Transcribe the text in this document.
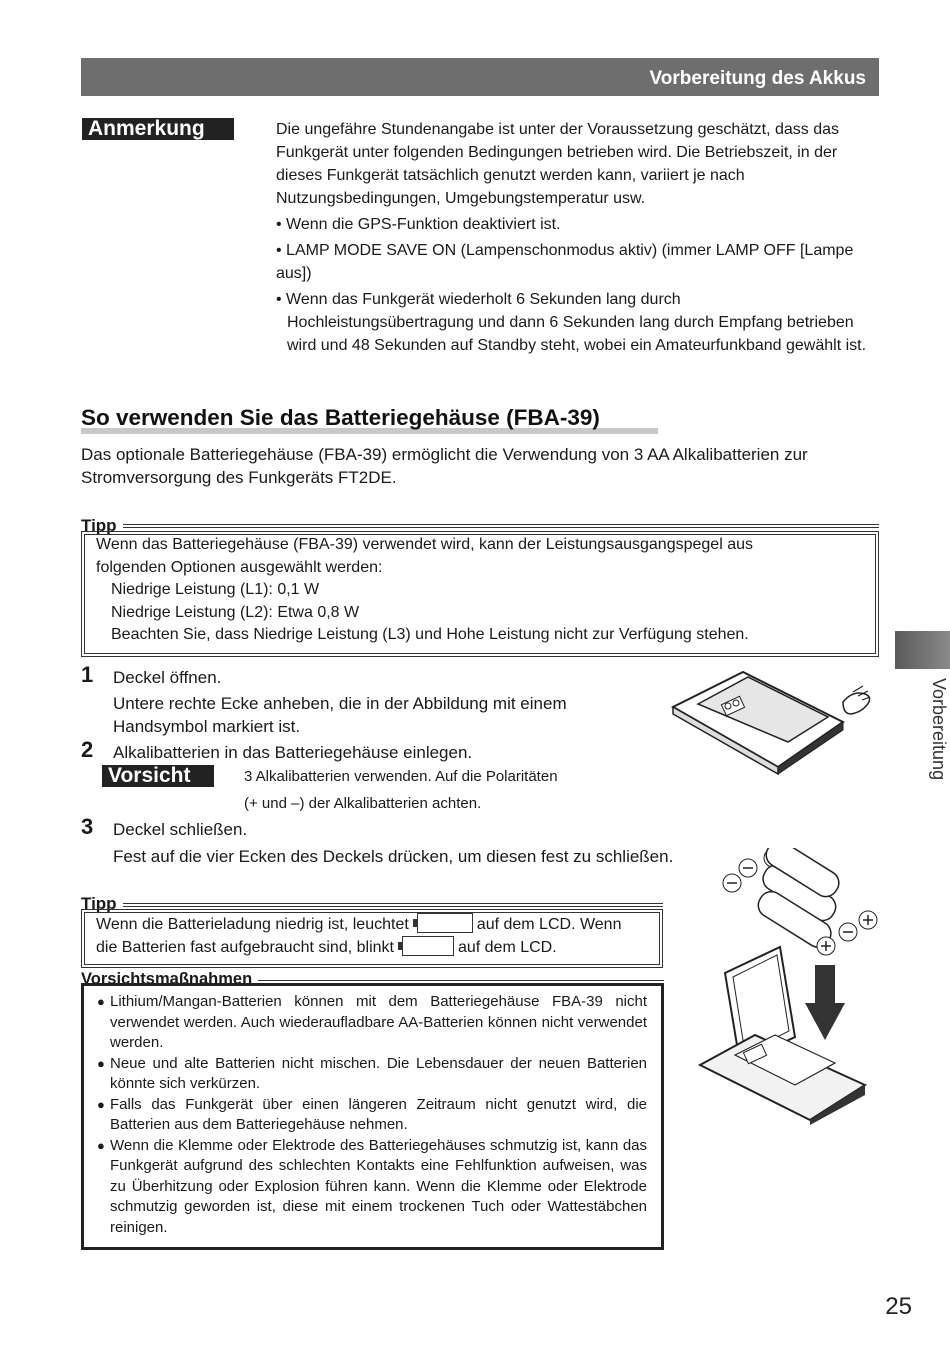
Vorbereitung des Akkus
Anmerkung	Die ungefähre Stundenangabe ist unter der Voraussetzung geschätzt, dass das Funkgerät unter folgenden Bedingungen betrieben wird. Die Betriebszeit, in der dieses Funkgerät tatsächlich genutzt werden kann, variiert je nach Nutzungsbedingungen, Umgebungstemperatur usw.

• Wenn die GPS-Funktion deaktiviert ist.

• LAMP MODE SAVE ON (Lampenschonmodus aktiv) (immer LAMP OFF [Lampe aus])

• Wenn das Funkgerät wiederholt 6 Sekunden lang durch Hochleistungsübertragung und dann 6 Sekunden lang durch Empfang betrieben wird und 48 Sekunden auf Standby steht, wobei ein Amateurfunkband gewählt ist.

So verwenden Sie das Batteriegehäuse (FBA-39)
Das optionale Batteriegehäuse (FBA-39) ermöglicht die Verwendung von 3 AA Alkalibatterien zur Stromversorgung des Funkgeräts FT2DE.
Tipp
Wenn das Batteriegehäuse (FBA-39) verwendet wird, kann der Leistungsausgangspegel aus
folgenden Optionen ausgewählt werden:
Niedrige Leistung (L1): 0,1 W
Niedrige Leistung (L2): Etwa 0,8 W
Beachten Sie, dass Niedrige Leistung (L3) und Hohe Leistung nicht zur Verfügung stehen.
1 Deckel öffnen.
Untere rechte Ecke anheben, die in der Abbildung mit einem Handsymbol markiert ist.
2 Alkalibatterien in das Batteriegehäuse einlegen.
Vorsicht	3 Alkalibatterien verwenden. Auf die Polaritäten
(+ und –) der Alkalibatterien achten.
3 Deckel schließen.
Fest auf die vier Ecken des Deckels drücken, um diesen fest zu schließen.
Tipp
Wenn die Batterieladung niedrig ist, leuchtet	auf dem LCD. Wenn
die Batterien fast aufgebraucht sind, blinkt	auf dem LCD.
Vorsichtsmaßnahmen
● Lithium/Mangan-Batterien können mit dem Batteriegehäuse FBA-39 nicht verwendet werden. Auch wiederaufladbare AA-Batterien können nicht verwendet werden.

● Neue und alte Batterien nicht mischen. Die Lebensdauer der neuen Batterien könnte sich verkürzen.

● Falls das Funkgerät über einen längeren Zeitraum nicht genutzt wird, die Batterien aus dem Batteriegehäuse nehmen.

● Wenn die Klemme oder Elektrode des Batteriegehäuses schmutzig ist, kann das Funkgerät aufgrund des schlechten Kontakts eine Fehlfunktion aufweisen, was zu Überhitzung oder Explosion führen kann. Wenn die Klemme oder Elektrode schmutzig geworden ist, diese mit einem trockenen Tuch oder Wattestäbchen reinigen.

Vorbereitung
25
